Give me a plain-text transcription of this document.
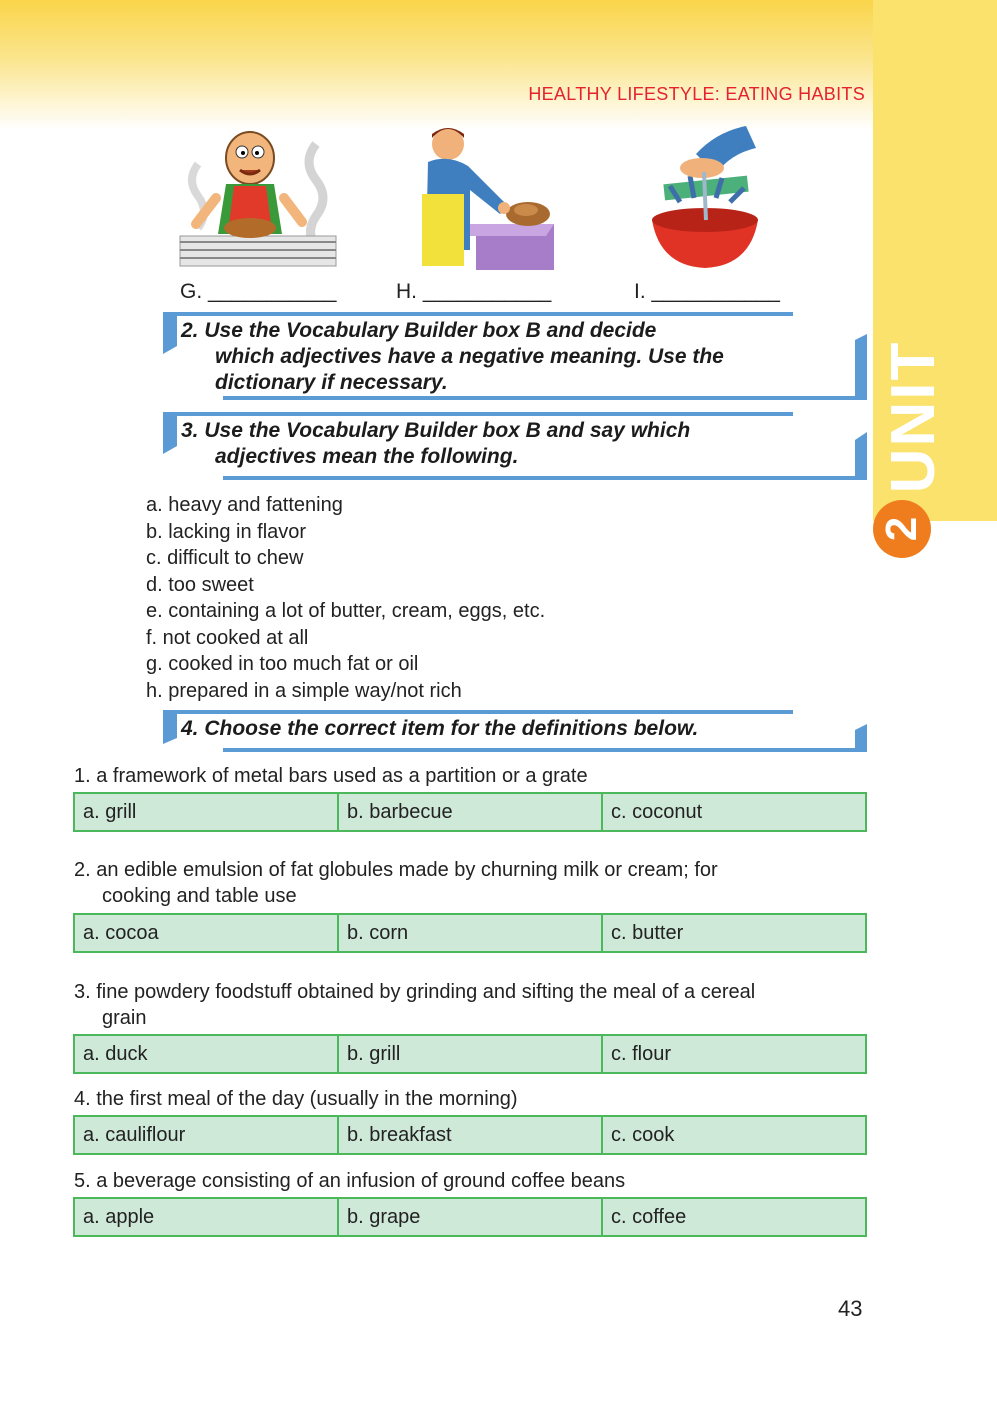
UNIT
2
HEALTHY LIFESTYLE: EATING HABITS
G. ___________	H. ___________	I. ___________
2. Use the Vocabulary Builder box B and decide
which adjectives have a negative meaning. Use the
dictionary if necessary.
3. Use the Vocabulary Builder box B and say which
adjectives mean the following.
a. heavy and fattening
b. lacking in flavor
c. difficult to chew
d. too sweet
e. containing a lot of butter, cream, eggs, etc.
f. not cooked at all
g. cooked in too much fat or oil
h. prepared in a simple way/not rich
4. Choose the correct item for the definitions below.
1. a framework of metal bars used as a partition or a grate
a. grill	b. barbecue	c. coconut
2. an edible emulsion of fat globules made by churning milk or cream; for
cooking and table use
a. cocoa	b. corn	c. butter
3. fine powdery foodstuff obtained by grinding and sifting the meal of a cereal
grain
a. duck	b. grill	c. flour
4. the first meal of the day (usually in the morning)
a. cauliflour	b. breakfast	c. cook
5. a beverage consisting of an infusion of ground coffee beans
a. apple	b. grape	c. coffee
43
